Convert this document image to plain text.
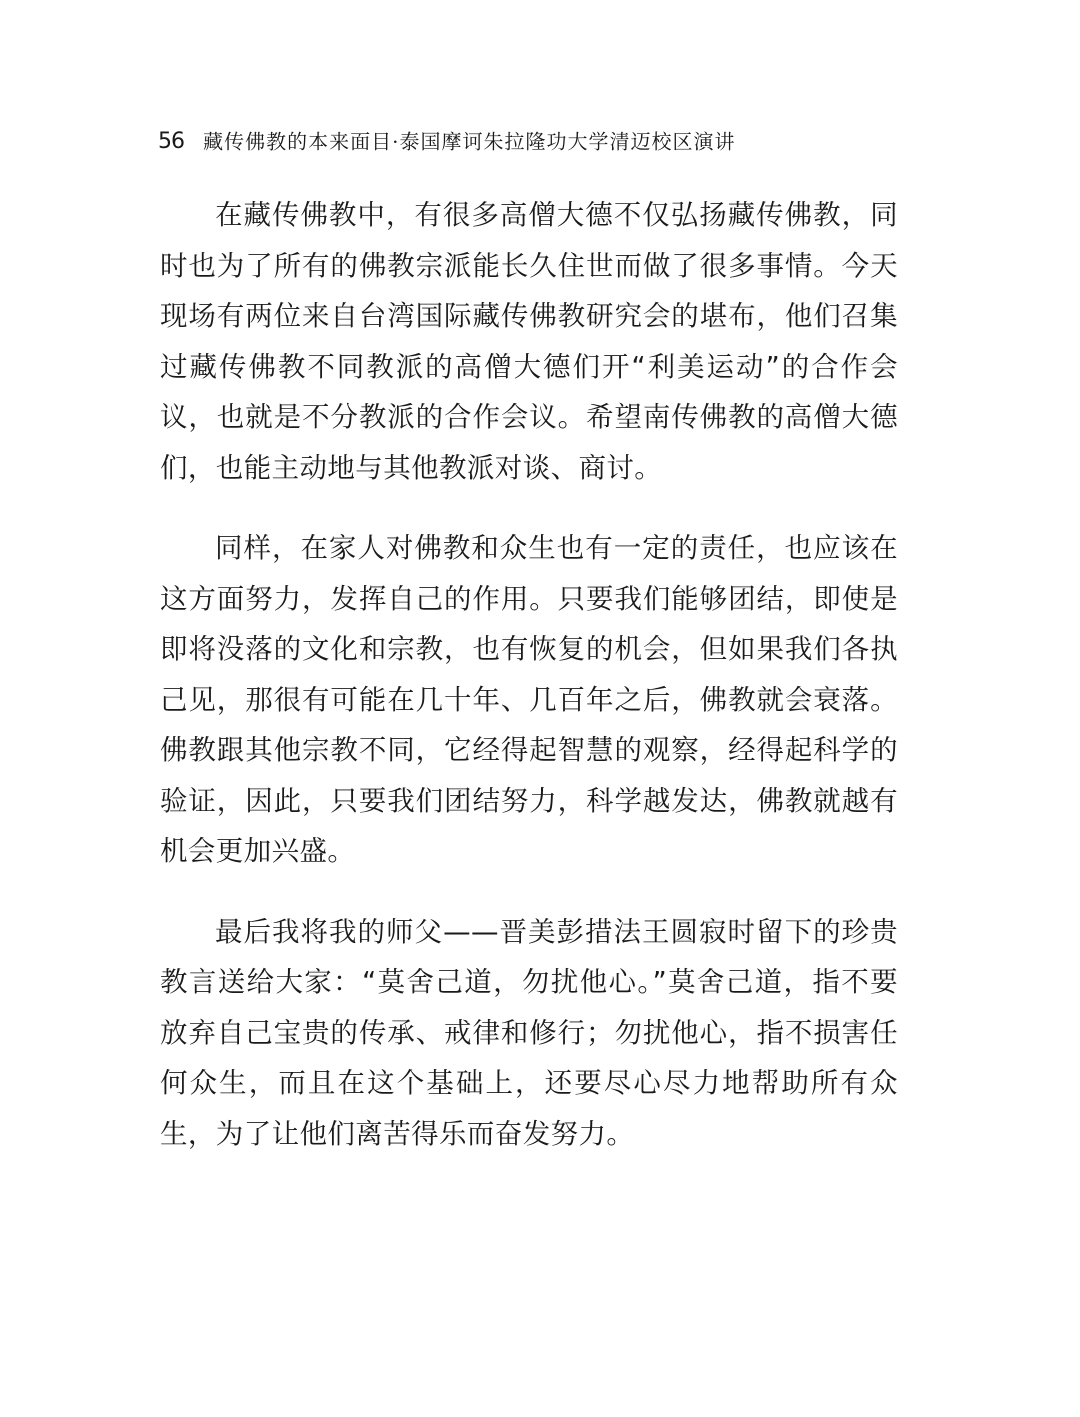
56 藏传佛教的本来面目·泰国摩诃朱拉隆功大学清迈校区演讲

在藏传佛教中，有很多高僧大德不仅弘扬藏传佛教，同时也为了所有的佛教宗派能长久住世而做了很多事情。今天现场有两位来自台湾国际藏传佛教研究会的堪布，他们召集过藏传佛教不同教派的高僧大德们开“利美运动”的合作会议，也就是不分教派的合作会议。希望南传佛教的高僧大德们，也能主动地与其他教派对谈、商讨。

同样，在家人对佛教和众生也有一定的责任，也应该在这方面努力，发挥自己的作用。只要我们能够团结，即使是即将没落的文化和宗教，也有恢复的机会，但如果我们各执己见，那很有可能在几十年、几百年之后，佛教就会衰落。佛教跟其他宗教不同，它经得起智慧的观察，经得起科学的验证，因此，只要我们团结努力，科学越发达，佛教就越有机会更加兴盛。

最后我将我的师父——晋美彭措法王圆寂时留下的珍贵教言送给大家：“莫舍己道，勿扰他心。”莫舍己道，指不要放弃自己宝贵的传承、戒律和修行；勿扰他心，指不损害任何众生，而且在这个基础上，还要尽心尽力地帮助所有众生，为了让他们离苦得乐而奋发努力。
